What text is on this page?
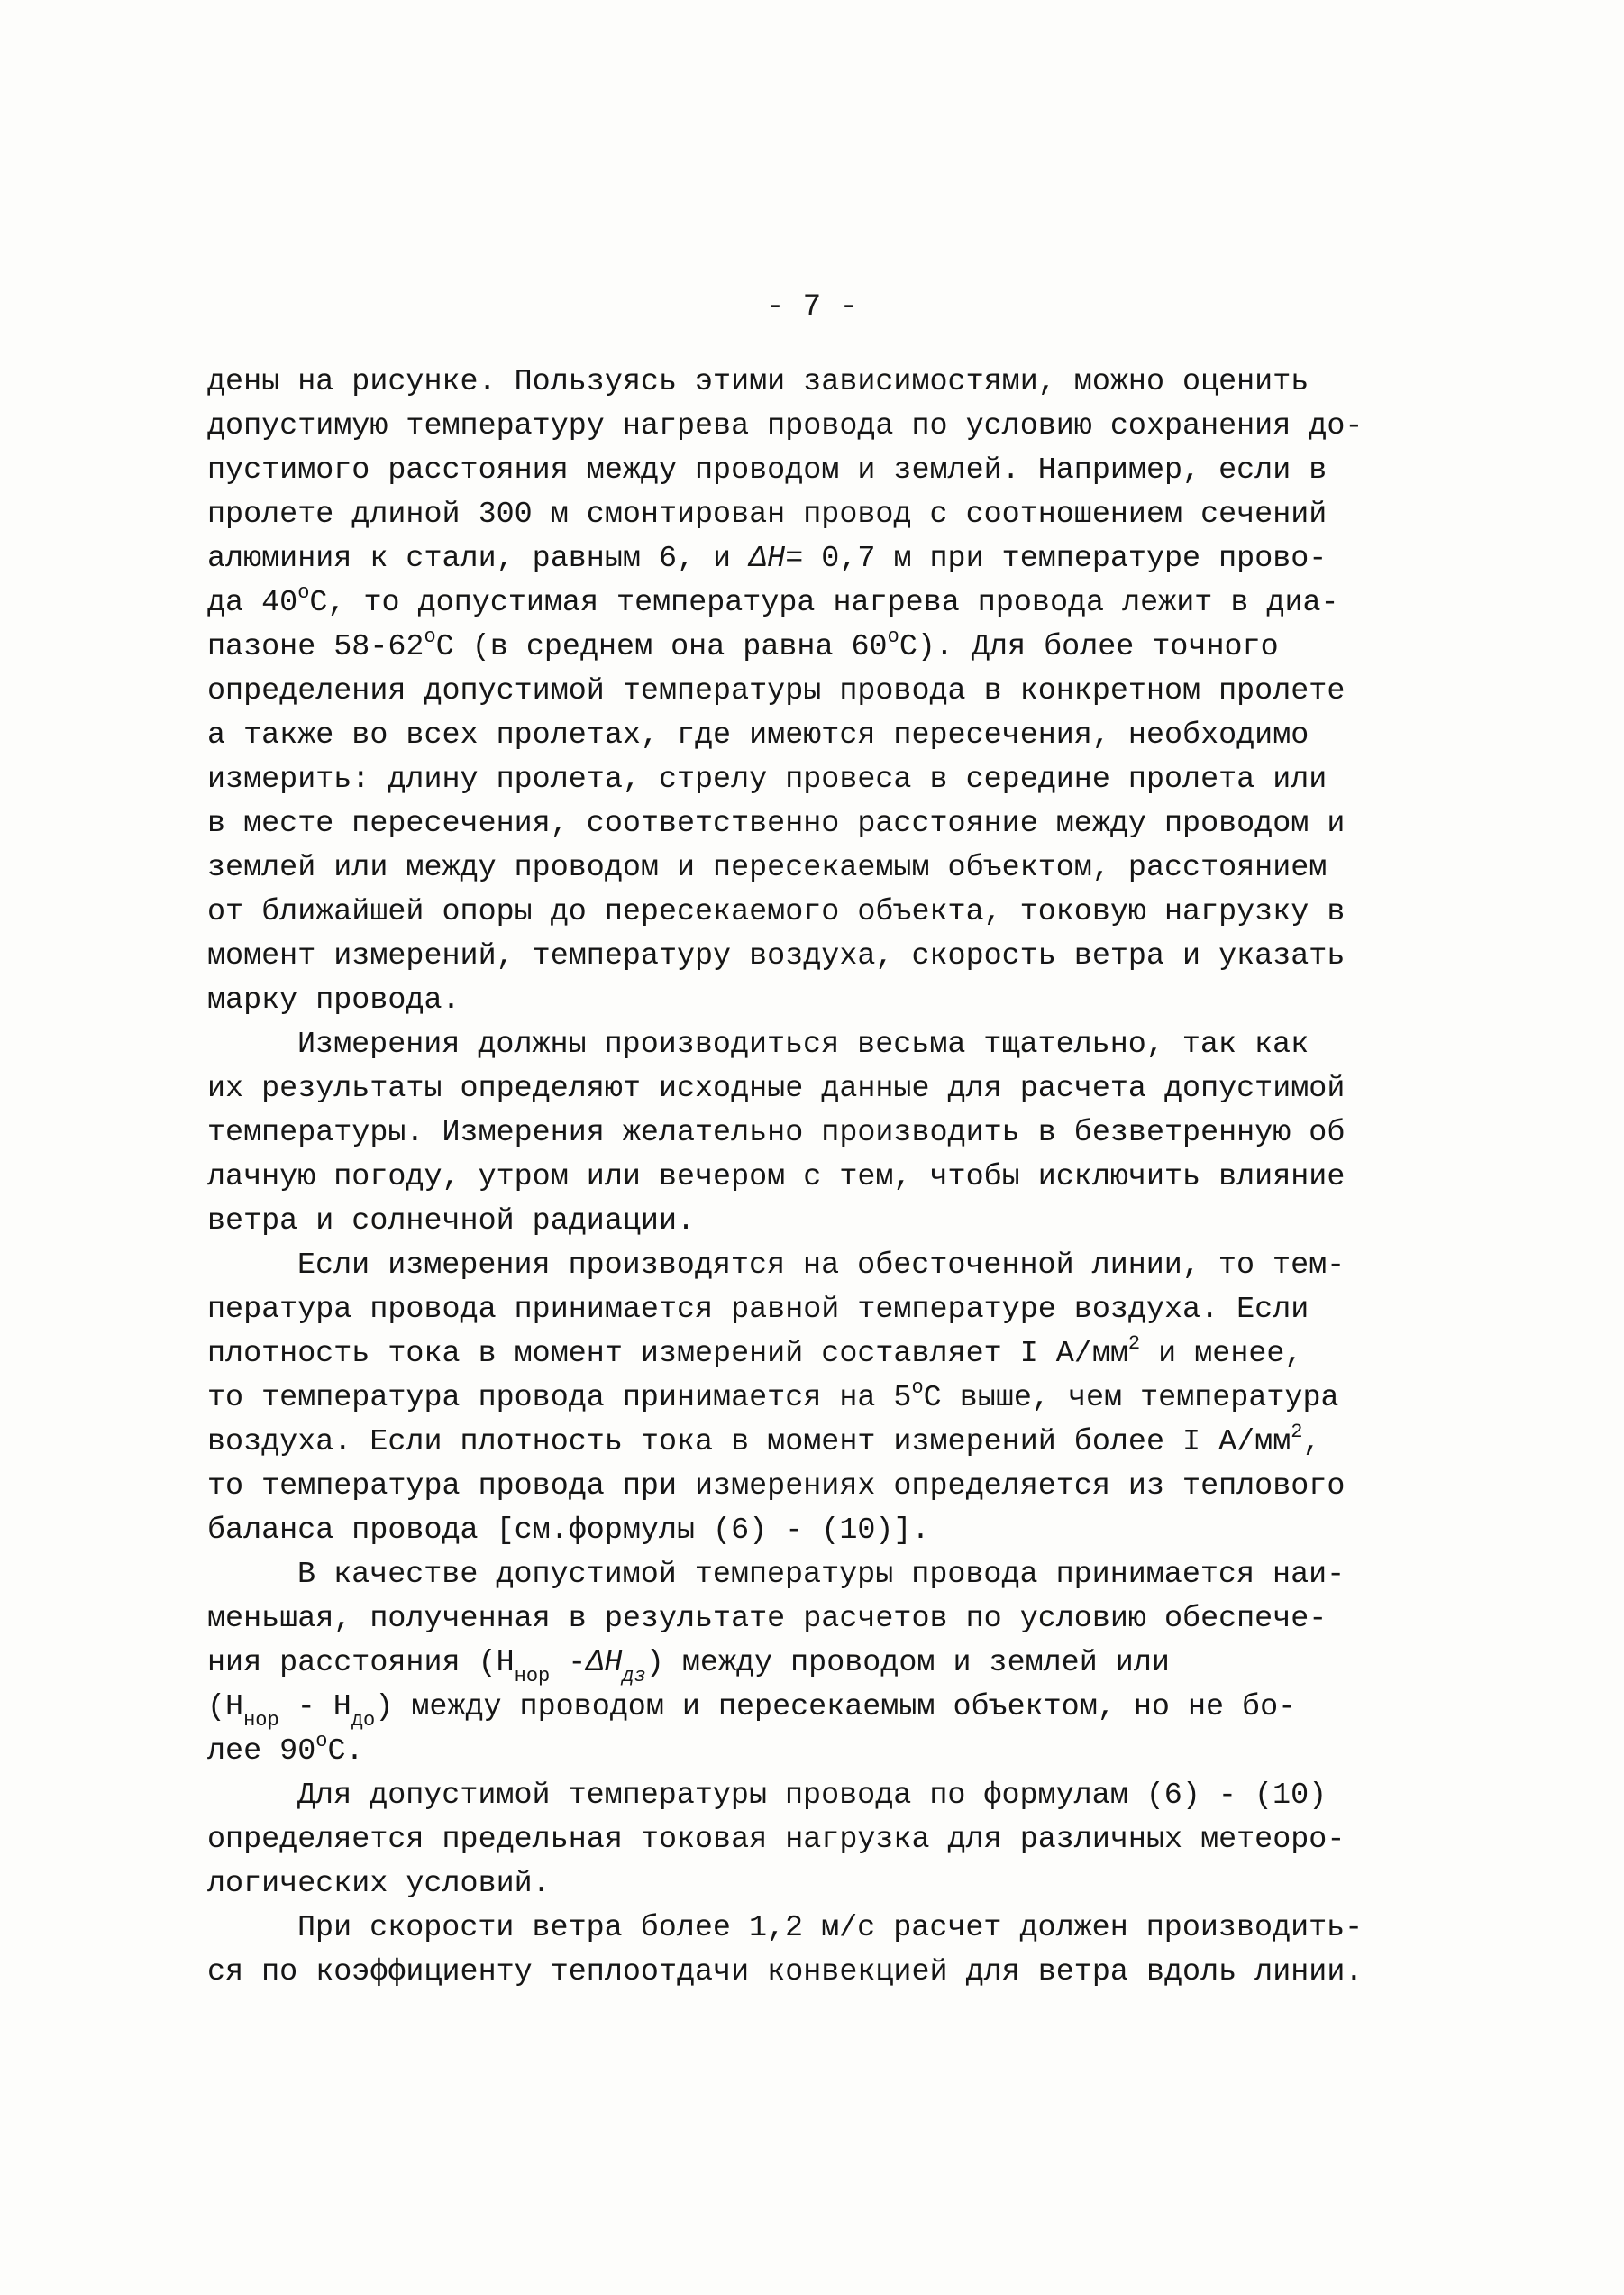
- 7 -
дены на рисунке. Пользуясь этими зависимостями, можно оценить
допустимую температуру нагрева провода по условию сохранения до-
пустимого расстояния между проводом и землей. Например, если в
пролете длиной 300 м смонтирован провод с соотношением сечений
алюминия к стали, равным 6, и ΔH= 0,7 м при температуре прово-
да 40$^o$C, то допустимая температура нагрева провода лежит в диа-
пазоне 58-62$^o$C (в среднем она равна 60$^o$C). Для более точного
определения допустимой температуры провода в конкретном пролете
а также во всех пролетах, где имеются пересечения, необходимо
измерить: длину пролета, стрелу провеса в середине пролета или
в месте пересечения, соответственно расстояние между проводом и
землей или между проводом и пересекаемым объектом, расстоянием
от ближайшей опоры до пересекаемого объекта, токовую нагрузку в
момент измерений, температуру воздуха, скорость ветра и указать
марку провода.
Измерения должны производиться весьма тщательно, так как
их результаты определяют исходные данные для расчета допустимой
температуры. Измерения желательно производить в безветренную об
лачную погоду, утром или вечером с тем, чтобы исключить влияние
ветра и солнечной радиации.
Если измерения производятся на обесточенной линии, то тем-
пература провода принимается равной температуре воздуха. Если
плотность тока в момент измерений составляет I $А/мм^2$ и менее,
то температура провода принимается на 5$^o$C выше, чем температура
воздуха. Если плотность тока в момент измерений более I $А/мм^2$,
то температура провода при измерениях определяется из теплового
баланса провода [см.формулы (6) - (10)].
В качестве допустимой температуры провода принимается наи-
меньшая, полученная в результате расчетов по условию обеспече-
ния расстояния ($H_{нор}$ $-\Delta H_{дз}$) между проводом и землей или
$(H_{нор} - H_{до})$ между проводом и пересекаемым объектом, но не бо-
лее 90$^o$C.
Для допустимой температуры провода по формулам (6) - (10)
определяется предельная токовая нагрузка для различных метеоро-
логических условий.
При скорости ветра более 1,2 м/с расчет должен производить-
ся по коэффициенту теплоотдачи конвекцией для ветра вдоль линии.
